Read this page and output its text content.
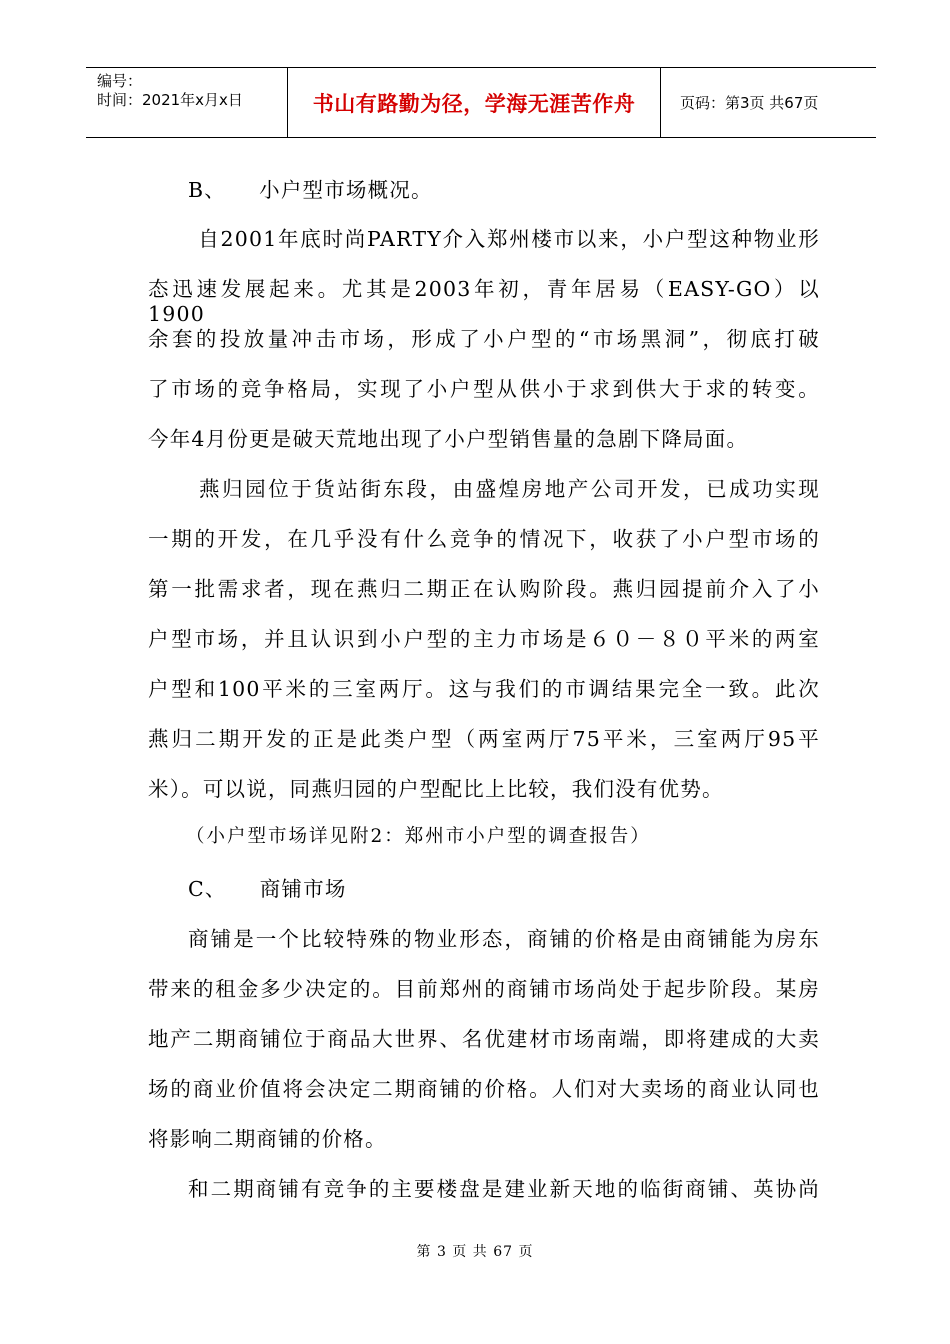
编号：
时间：2021年x月x日	书山有路勤为径，学海无涯苦作舟	页码：第3页 共67页
B、　　小户型市场概况。
　自2001年底时尚PARTY介入郑州楼市以来，小户型这种物业形
态迅速发展起来。尤其是2003年初，青年居易（EASY-GO）以1900
余套的投放量冲击市场，形成了小户型的“市场黑洞”，彻底打破
了市场的竞争格局，实现了小户型从供小于求到供大于求的转变。
今年4月份更是破天荒地出现了小户型销售量的急剧下降局面。
　燕归园位于货站街东段，由盛煌房地产公司开发，已成功实现
一期的开发，在几乎没有什么竞争的情况下，收获了小户型市场的
第一批需求者，现在燕归二期正在认购阶段。燕归园提前介入了小
户型市场，并且认识到小户型的主力市场是６０－８０平米的两室
户型和100平米的三室两厅。这与我们的市调结果完全一致。此次
燕归二期开发的正是此类户型（两室两厅75平米，三室两厅95平
米）。可以说，同燕归园的户型配比上比较，我们没有优势。
（小户型市场详见附2：郑州市小户型的调查报告）
C、　　商铺市场
商铺是一个比较特殊的物业形态，商铺的价格是由商铺能为房东
带来的租金多少决定的。目前郑州的商铺市场尚处于起步阶段。某房
地产二期商铺位于商品大世界、名优建材市场南端，即将建成的大卖
场的商业价值将会决定二期商铺的价格。人们对大卖场的商业认同也
将影响二期商铺的价格。
和二期商铺有竞争的主要楼盘是建业新天地的临街商铺、英协尚
第 3 页 共 67 页
